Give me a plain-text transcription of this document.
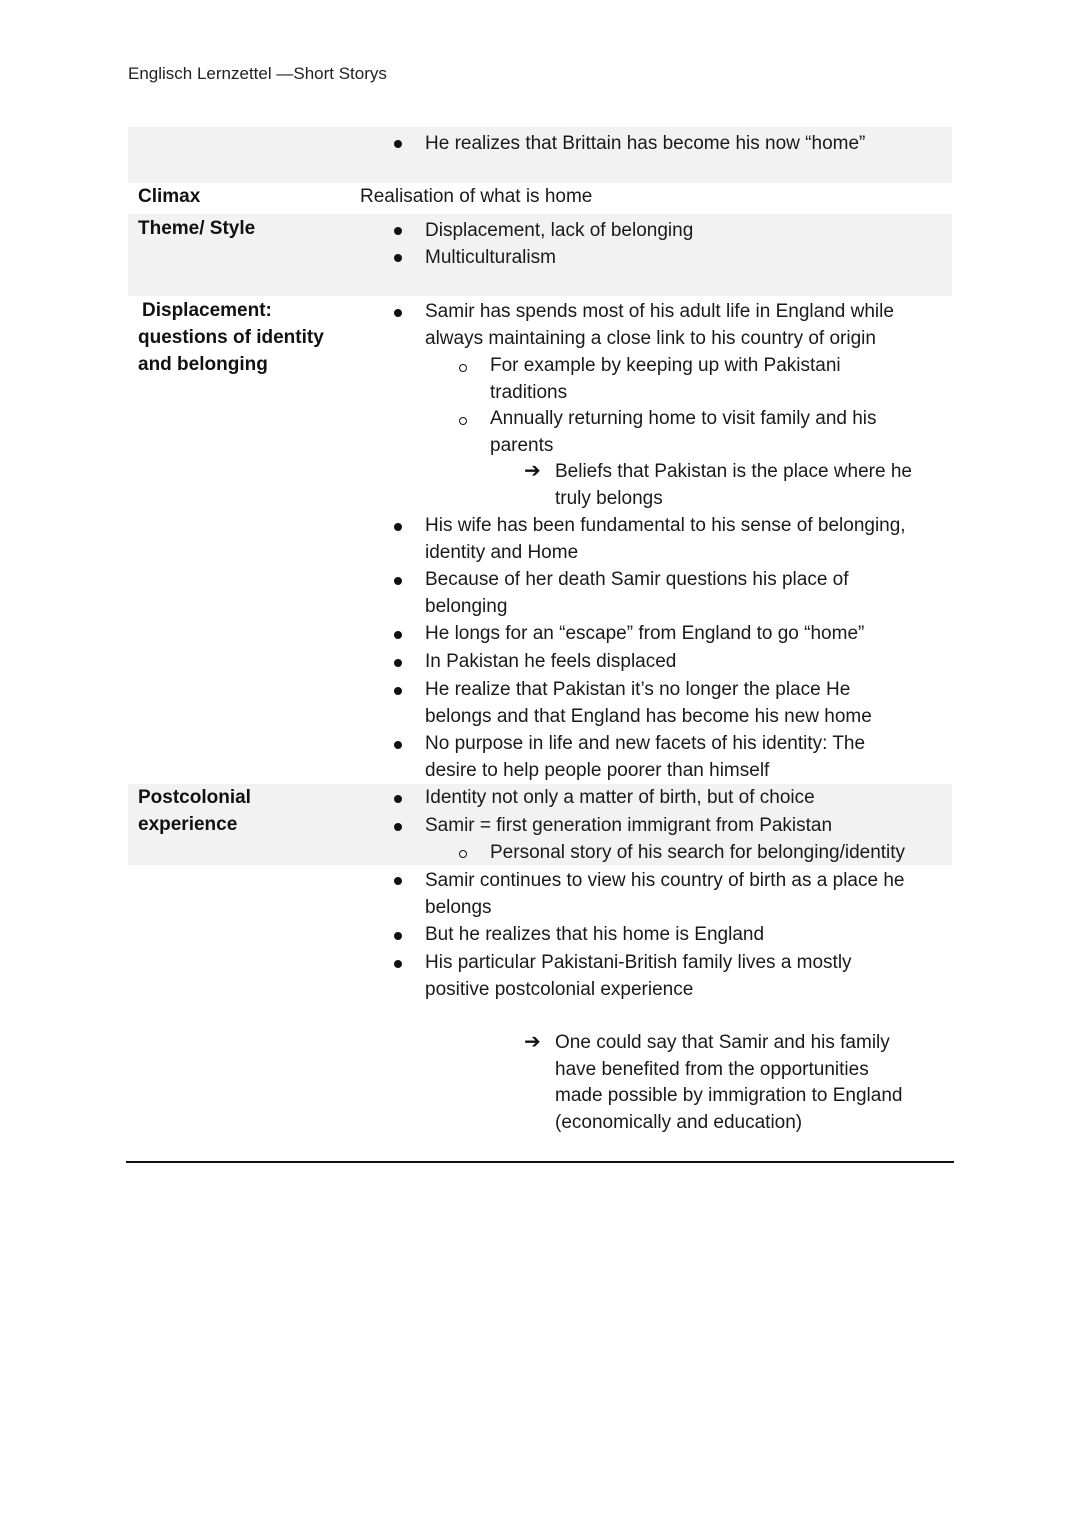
Englisch Lernzettel —Short Storys
He realizes that Brittain has become his now “home”
Climax	Realisation of what is home
Theme/ Style	Displacement, lack of belonging
Multiculturalism
Displacement:
questions of identity
and belonging
Samir has spends most of his adult life in England while
always maintaining a close link to his country of origin
For example by keeping up with Pakistani
traditions
Annually returning home to visit family and his
parents
➔ Beliefs that Pakistan is the place where he
truly belongs
His wife has been fundamental to his sense of belonging,
identity and Home
Because of her death Samir questions his place of
belonging
He longs for an “escape” from England to go “home”
In Pakistan he feels displaced
He realize that Pakistan it’s no longer the place He
belongs and that England has become his new home
No purpose in life and new facets of his identity: The
desire to help people poorer than himself
Postcolonial
experience
Identity not only a matter of birth, but of choice
Samir = first generation immigrant from Pakistan
Personal story of his search for belonging/identity
Samir continues to view his country of birth as a place he
belongs
But he realizes that his home is England
His particular Pakistani-British family lives a mostly
positive postcolonial experience
➔ One could say that Samir and his family
have benefited from the opportunities
made possible by immigration to England
(economically and education)
